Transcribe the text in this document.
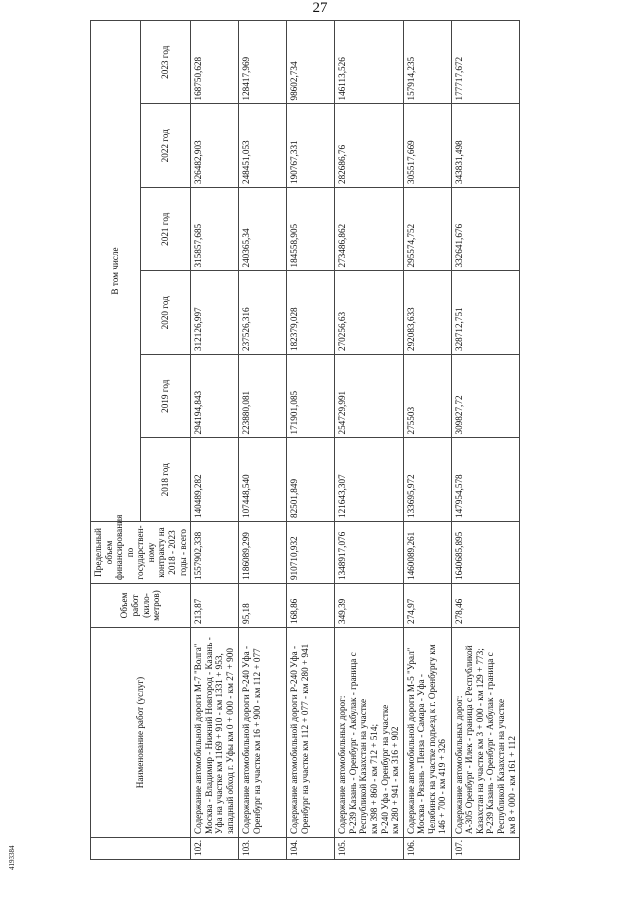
27
4193384
	Наименование работ (услуг)	Объем работ (кило-метров)	Предельный объем финансирования по государствен-ному контракту на 2018 - 2023 годы - всего	В том числе					
				2018 год	2019 год	2020 год	2021 год	2022 год	2023 год
102.	Содержание автомобильной дороги М-7 "Волга" Москва - Владимир - Нижний Новгород - Казань - Уфа на участке км 1169 + 910 - км 1331 + 953, западный обход г. Уфы км 0 + 000 - км 27 + 900	213,87	1557902,338	140489,282	294194,843	312126,997	315857,685	326482,903	168750,628
103.	Содержание автомобильной дороги Р-240 Уфа - Оренбург на участке км 16 + 900 - км 112 + 077	95,18	1186089,299	107448,540	223880,081	237526,316	240365,34	248451,053	128417,969
104.	Содержание автомобильной дороги Р-240 Уфа - Оренбург на участке км 112 + 077 - км 280 + 941	168,86	910710,932	82501,849	171901,085	182379,028	184558,905	190767,331	98602,734
105.	Содержание автомобильных дорог:
Р-239 Казань - Оренбург - Акбулак - граница с Республикой Казахстан на участке
км 398 + 860 - км 712 + 514;
Р-240 Уфа - Оренбург на участке
км 280 + 941 - км 316 + 902	349,39	1348917,076	121643,307	254729,991	270256,63	273486,862	282686,76	146113,526
106.	Содержание автомобильной дороги М-5 "Урал" Москва - Рязань - Пенза - Самара - Уфа - Челябинск на участке подъезд к г. Оренбургу км 146 + 700 - км 419 + 326	274,97	1460089,261	133695,972	275503	292083,633	295574,752	305517,669	157914,235
107.	Содержание автомобильных дорог:
А-305 Оренбург - Илек - граница с Республикой Казахстан на участке км 3 + 000 - км 129 + 773;
Р-239 Казань - Оренбург - Акбулак - граница с Республикой Казахстан на участке
км 8 + 000 - км 161 + 112	278,46	1640685,895	147954,578	309827,72	328712,751	332641,676	343831,498	177717,672
